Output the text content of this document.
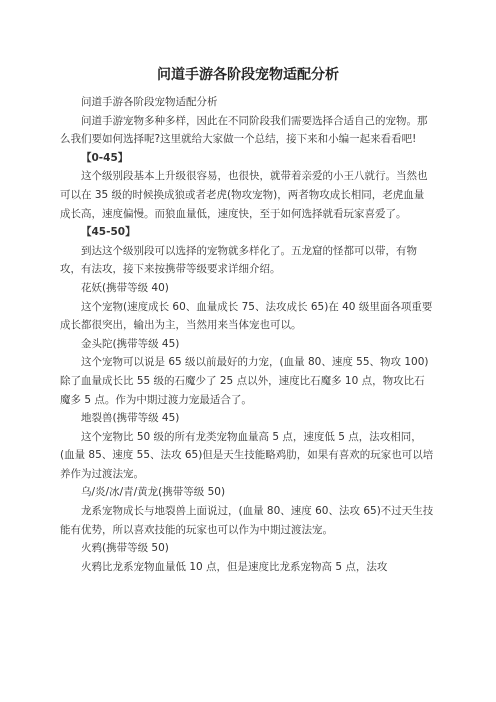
问道手游各阶段宠物适配分析

问道手游各阶段宠物适配分析

问道手游宠物多种多样，因此在不同阶段我们需要选择合适自己的宠物。那么我们要如何选择呢?这里就给大家做一个总结，接下来和小编一起来看看吧!

【0-45】

这个级别段基本上升级很容易，也很快，就带着亲爱的小王八就行。当然也可以在 35 级的时候换成狼或者老虎(物攻宠物)，两者物攻成长相同，老虎血量成长高，速度偏慢。而狼血量低，速度快，至于如何选择就看玩家喜爱了。

【45-50】

到达这个级别段可以选择的宠物就多样化了。五龙窟的怪都可以带，有物攻，有法攻，接下来按携带等级要求详细介绍。

花妖(携带等级 40)

这个宠物(速度成长 60、血量成长 75、法攻成长 65)在 40 级里面各项重要成长都很突出，输出为主，当然用来当体宠也可以。

金头陀(携带等级 45)

这个宠物可以说是 65 级以前最好的力宠，(血量 80、速度 55、物攻 100)除了血量成长比 55 级的石魔少了 25 点以外，速度比石魔多 10 点，物攻比石魔多 5 点。作为中期过渡力宠最适合了。

地裂兽(携带等级 45)

这个宠物比 50 级的所有龙类宠物血量高 5 点，速度低 5 点，法攻相同，(血量 85、速度 55、法攻 65)但是天生技能略鸡肋，如果有喜欢的玩家也可以培养作为过渡法宠。

乌/炎/冰/青/黄龙(携带等级 50)

龙系宠物成长与地裂兽上面说过，(血量 80、速度 60、法攻 65)不过天生技能有优势，所以喜欢技能的玩家也可以作为中期过渡法宠。

火鸦(携带等级 50)

火鸦比龙系宠物血量低 10 点，但是速度比龙系宠物高 5 点，法攻
